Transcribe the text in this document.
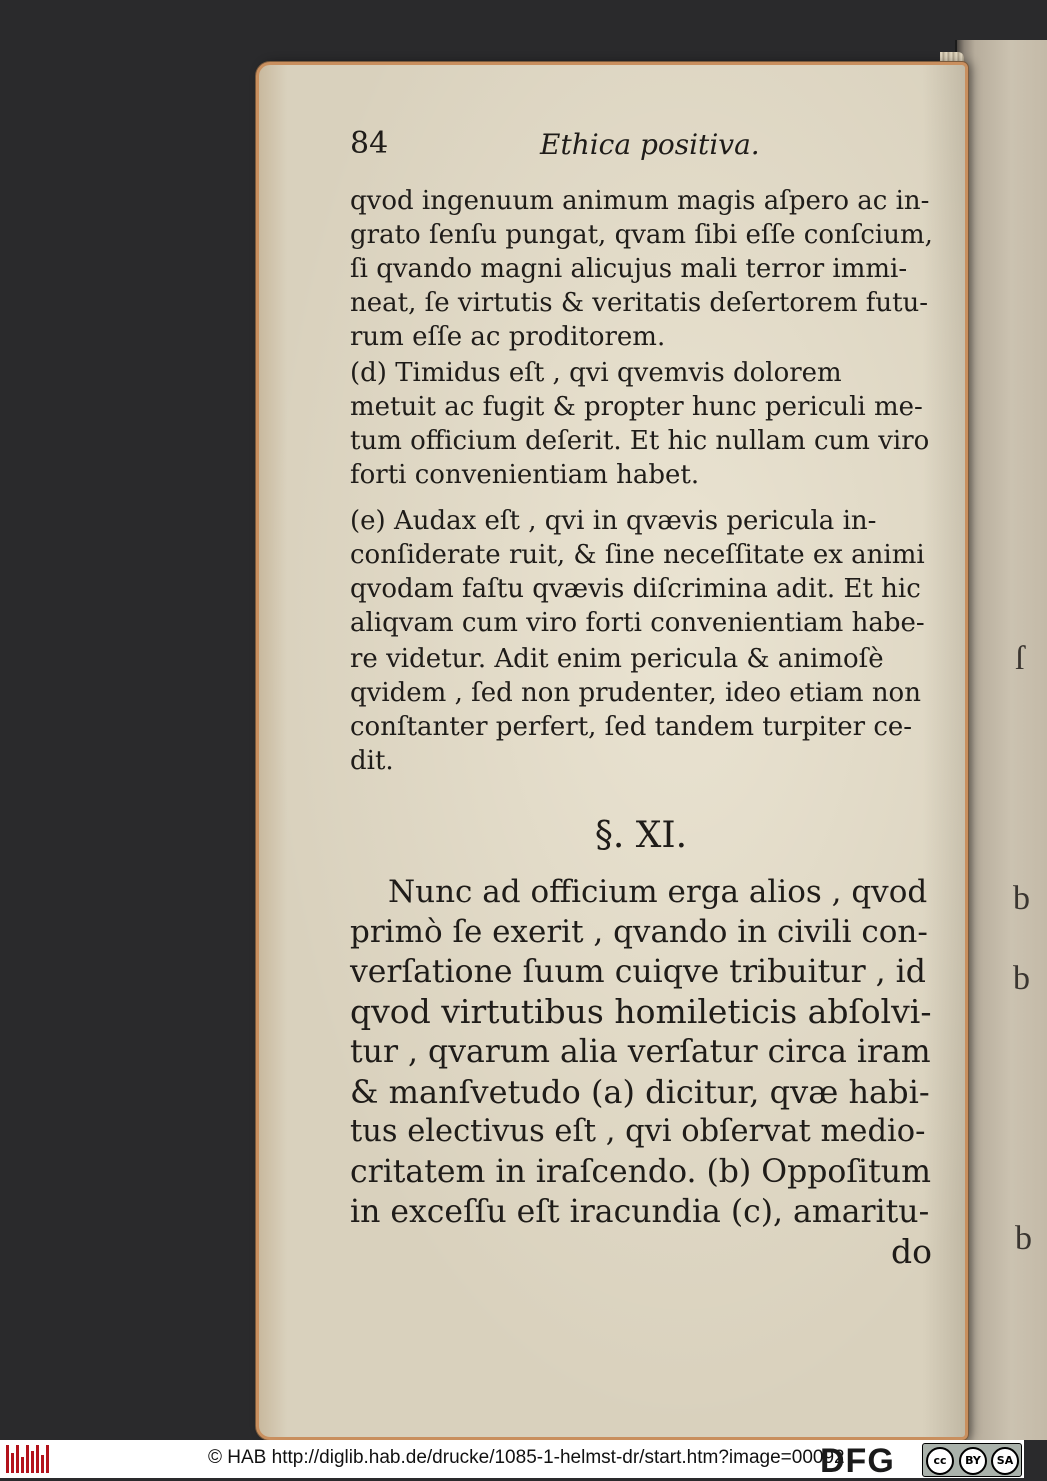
b
b
ſ
b
84	Ethica positiva.
qvod ingenuum animum magis aſpero ac in-
grato ſenſu pungat, qvam ſibi eſſe conſcium,
ſi qvando magni alicujus mali terror immi-
neat, ſe virtutis & veritatis deſertorem futu-
rum eſſe ac proditorem.
(d) Timidus eſt , qvi qvemvis dolorem
metuit ac fugit & propter hunc periculi me-
tum officium deſerit. Et hic nullam cum viro
forti convenientiam habet.
(e) Audax eſt , qvi in qvævis pericula in-
conſiderate ruit, & ſine neceſſitate ex animi
qvodam faſtu qvævis diſcrimina adit. Et hic
aliqvam cum viro forti convenientiam habe-
re videtur. Adit enim pericula & animoſè
qvidem , ſed non prudenter, ideo etiam non
conſtanter perfert, ſed tandem turpiter ce-
dit.
§. XI.
Nunc ad officium erga alios , qvod
primò ſe exerit , qvando in civili con-
verſatione ſuum cuiqve tribuitur , id
qvod virtutibus homileticis abſolvi-
tur , qvarum alia verſatur circa iram
& manſvetudo (a) dicitur, qvæ habi-
tus electivus eſt , qvi obſervat medio-
critatem in iraſcendo. (b) Oppoſitum
in exceſſu eſt iracundia (c), amaritu-
do
© HAB http://diglib.hab.de/drucke/1085-1-helmst-dr/start.htm?image=00092
DFG	cc	BY	SA
